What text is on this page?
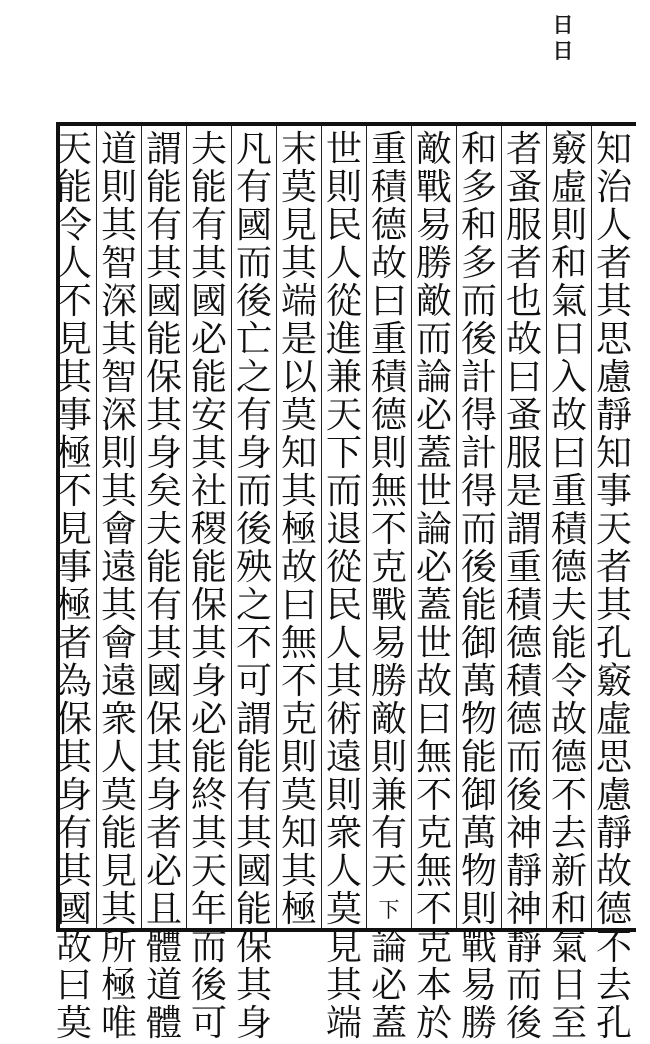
日
日
知
治
人
者
其
思
慮
靜
知
事
天
者
其
孔
竅
虛
思
慮
靜
故
德
不
去
孔
竅
虛
則
和
氣
日
入
故
曰
重
積
德
夫
能
令
故
德
不
去
新
和
氣
日
至
者
蚤
服
者
也
故
曰
蚤
服
是
謂
重
積
德
積
德
而
後
神
靜
神
靜
而
後
和
多
和
多
而
後
計
得
計
得
而
後
能
御
萬
物
能
御
萬
物
則
戰
易
勝
敵
戰
易
勝
敵
而
論
必
蓋
世
論
必
蓋
世
故
曰
無
不
克
無
不
克
本
於
重
積
德
故
曰
重
積
德
則
無
不
克
戰
易
勝
敵
則
兼
有
天
下
論
必
蓋
世
則
民
人
從
進
兼
天
下
而
退
從
民
人
其
術
遠
則
衆
人
莫
見
其
端
末
莫
見
其
端
是
以
莫
知
其
極
故
曰
無
不
克
則
莫
知
其
極
凡
有
國
而
後
亡
之
有
身
而
後
殃
之
不
可
謂
能
有
其
國
能
保
其
身
夫
能
有
其
國
必
能
安
其
社
稷
能
保
其
身
必
能
終
其
天
年
而
後
可
謂
能
有
其
國
能
保
其
身
矣
夫
能
有
其
國
保
其
身
者
必
且
體
道
體
道
則
其
智
深
其
智
深
則
其
會
遠
其
會
遠
衆
人
莫
能
見
其
所
極
唯
天
能
令
人
不
見
其
事
極
不
見
事
極
者
為
保
其
身
有
其
國
故
曰
莫
